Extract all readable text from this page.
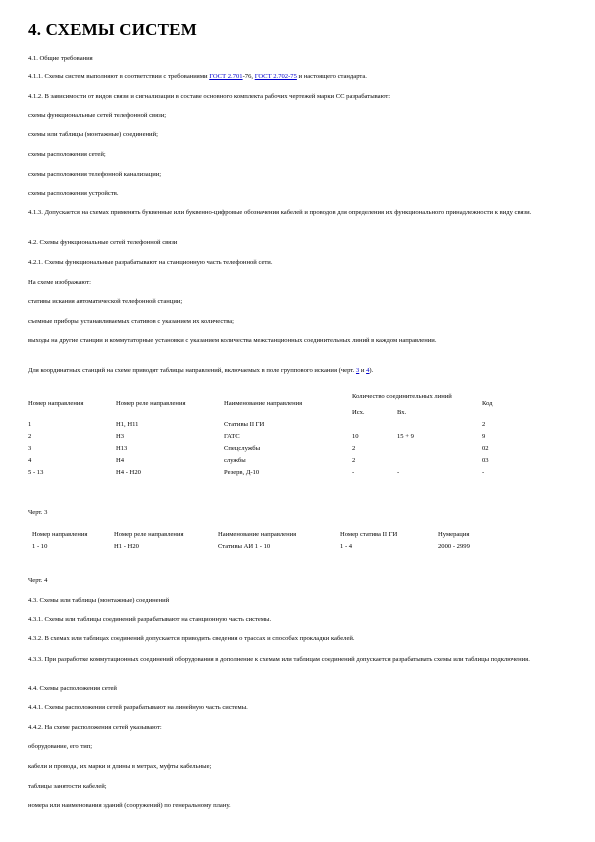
4. СХЕМЫ СИСТЕМ
4.1. Общие требования
4.1.1. Схемы систем выполняют в соответствии с требованиями ГОСТ 2.701-76, ГОСТ 2.702-75 и настоящего стандарта.
4.1.2. В зависимости от видов связи и сигнализации в составе основного комплекта рабочих чертежей марки СС разрабатывают:
схемы функциональные сетей телефонной связи;
схемы или таблицы (монтажные) соединений;
схемы расположения сетей;
схемы расположения телефонной канализации;
схемы расположения устройств.
4.1.3. Допускается на схемах применять буквенные или буквенно-цифровые обозначения кабелей и проводов для определения их функционального принадлежности к виду связи.
4.2. Схемы функциональные сетей телефонной связи
4.2.1. Схемы функциональные разрабатывают на станционную часть телефонной сети.
На схеме изображают:
стативы искания автоматической телефонной станции;
съемные приборы устанавливаемых стативов с указанием их количества;
выходы на другие станции и коммутаторные установки с указанием количества межстанционных соединительных линий в каждом направлении.
Для координатных станций на схеме приводят таблицы направлений, включаемых в поле группового искания (черт. 3 и 4).
Номер направления	Номер реле направления	Наименование направления	Количество соединительных линий		Код
			Исх.	Вх.	
1	Н1, Н11	Стативы II ГИ			2
2	Н3	ГАТС	10	15 + 9	9
3	Н13	Спецслужбы	2		02
4	Н4	службы	2		03
5 - 13	Н4 - Н20	Резерв, Д-10	-	-	-
Черт. 3
Номер направления	Номер реле направления	Наименование направления	Номер статива II ГИ	Нумерация
1 - 10	Н1 - Н20	Стативы АИ 1 - 10	1 - 4	2000 - 2999
Черт. 4
4.3. Схемы или таблицы (монтажные) соединений
4.3.1. Схемы или таблицы соединений разрабатывают на станционную часть системы.
4.3.2. В схемах или таблицах соединений допускается приводить сведения о трассах и способах прокладки кабелей.
4.3.3. При разработке коммутационных соединений оборудования в дополнение к схемам или таблицам соединений допускается разрабатывать схемы или таблицы подключения.
4.4. Схемы расположения сетей
4.4.1. Схемы расположения сетей разрабатывают на линейную часть системы.
4.4.2. На схеме расположения сетей указывают:
оборудование, его тип;
кабели и провода, их марки и длины в метрах, муфты кабельные;
таблицы занятости кабелей;
номера или наименования зданий (сооружений) по генеральному плану.
